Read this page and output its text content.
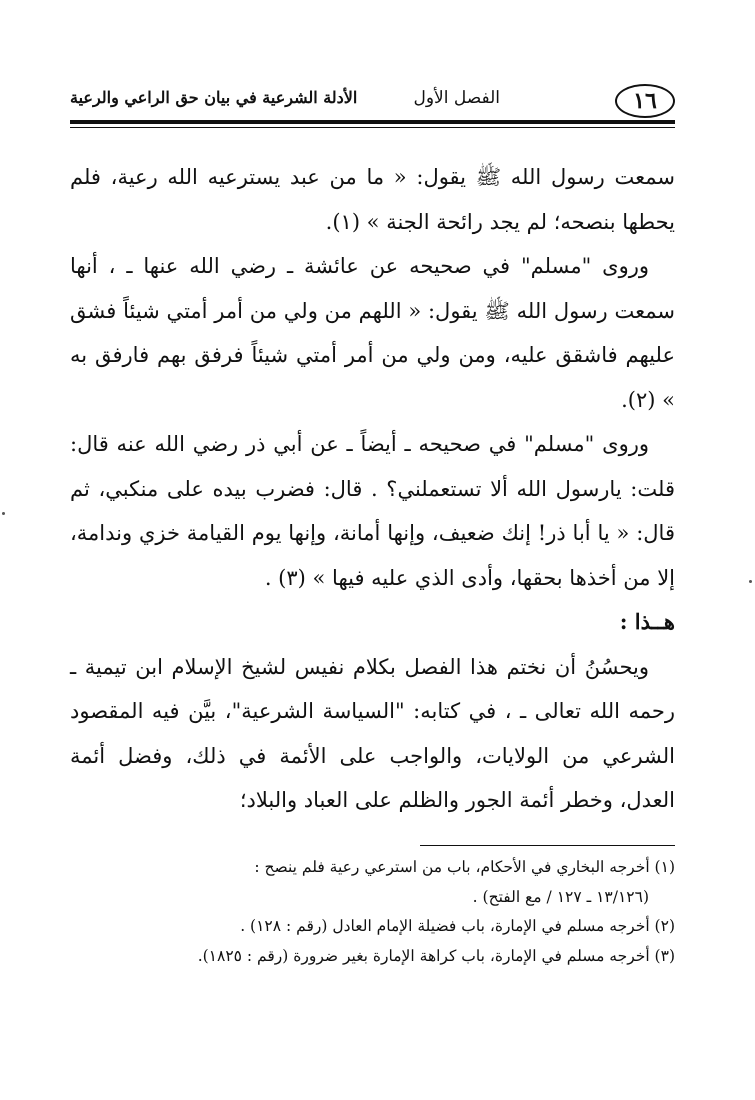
١٦
الفصل الأول
الأدلة الشرعية في بيان حق الراعي والرعية

سمعت رسول الله ﷺ يقول: « ما من عبد يسترعيه الله رعية، فلم يحطها بنصحه؛ لم يجد رائحة الجنة » (١).

وروى "مسلم" في صحيحه عن عائشة ـ رضي الله عنها ـ ، أنها سمعت رسول الله ﷺ يقول: « اللهم من ولي من أمر أمتي شيئاً فشق عليهم فاشقق عليه، ومن ولي من أمر أمتي شيئاً فرفق بهم فارفق به » (٢).

وروى "مسلم" في صحيحه ـ أيضاً ـ عن أبي ذر رضي الله عنه قال: قلت: يارسول الله ألا تستعملني؟ . قال: فضرب بيده على منكبي، ثم قال: « يا أبا ذر! إنك ضعيف، وإنها أمانة، وإنها يوم القيامة خزي وندامة، إلا من أخذها بحقها، وأدى الذي عليه فيها » (٣) .

هــذا :

ويحسُنُ أن نختم هذا الفصل بكلام نفيس لشيخ الإسلام ابن تيمية ـ رحمه الله تعالى ـ ، في كتابه: "السياسة الشرعية"، بيَّن فيه المقصود الشرعي من الولايات، والواجب على الأئمة في ذلك، وفضل أئمة العدل، وخطر أئمة الجور والظلم على العباد والبلاد؛

(١) أخرجه البخاري في الأحكام، باب من استرعي رعية فلم ينصح :

(١٣/١٢٦ ـ ١٢٧ / مع الفتح) .

(٢) أخرجه مسلم في الإمارة، باب فضيلة الإمام العادل (رقم : ١٢٨) .

(٣) أخرجه مسلم في الإمارة، باب كراهة الإمارة بغير ضرورة (رقم : ١٨٢٥).
